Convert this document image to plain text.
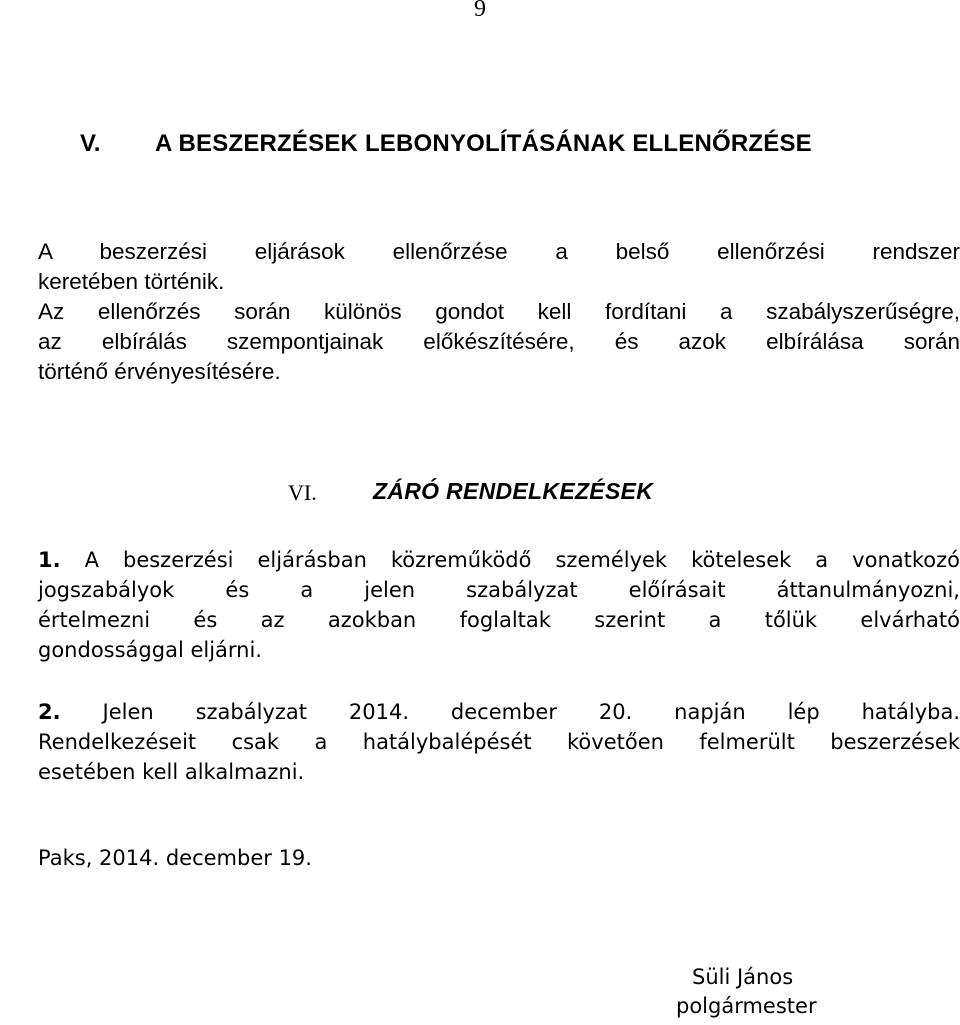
9
V. A BESZERZÉSEK LEBONYOLÍTÁSÁNAK ELLENŐRZÉSE
A beszerzési eljárások ellenőrzése a belső ellenőrzési rendszer
keretében történik.
Az ellenőrzés során különös gondot kell fordítani a szabályszerűségre,
az elbírálás szempontjainak előkészítésére, és azok elbírálása során
történő érvényesítésére.
VI. ZÁRÓ RENDELKEZÉSEK
1. A beszerzési eljárásban közreműködő személyek kötelesek a vonatkozó
jogszabályok és a jelen szabályzat előírásait áttanulmányozni,
értelmezni és az azokban foglaltak szerint a tőlük elvárható
gondossággal eljárni.
2. Jelen szabályzat 2014. december 20. napján lép hatályba.
Rendelkezéseit csak a hatálybalépését követően felmerült beszerzések
esetében kell alkalmazni.
Paks, 2014. december 19.
Süli János
polgármester
